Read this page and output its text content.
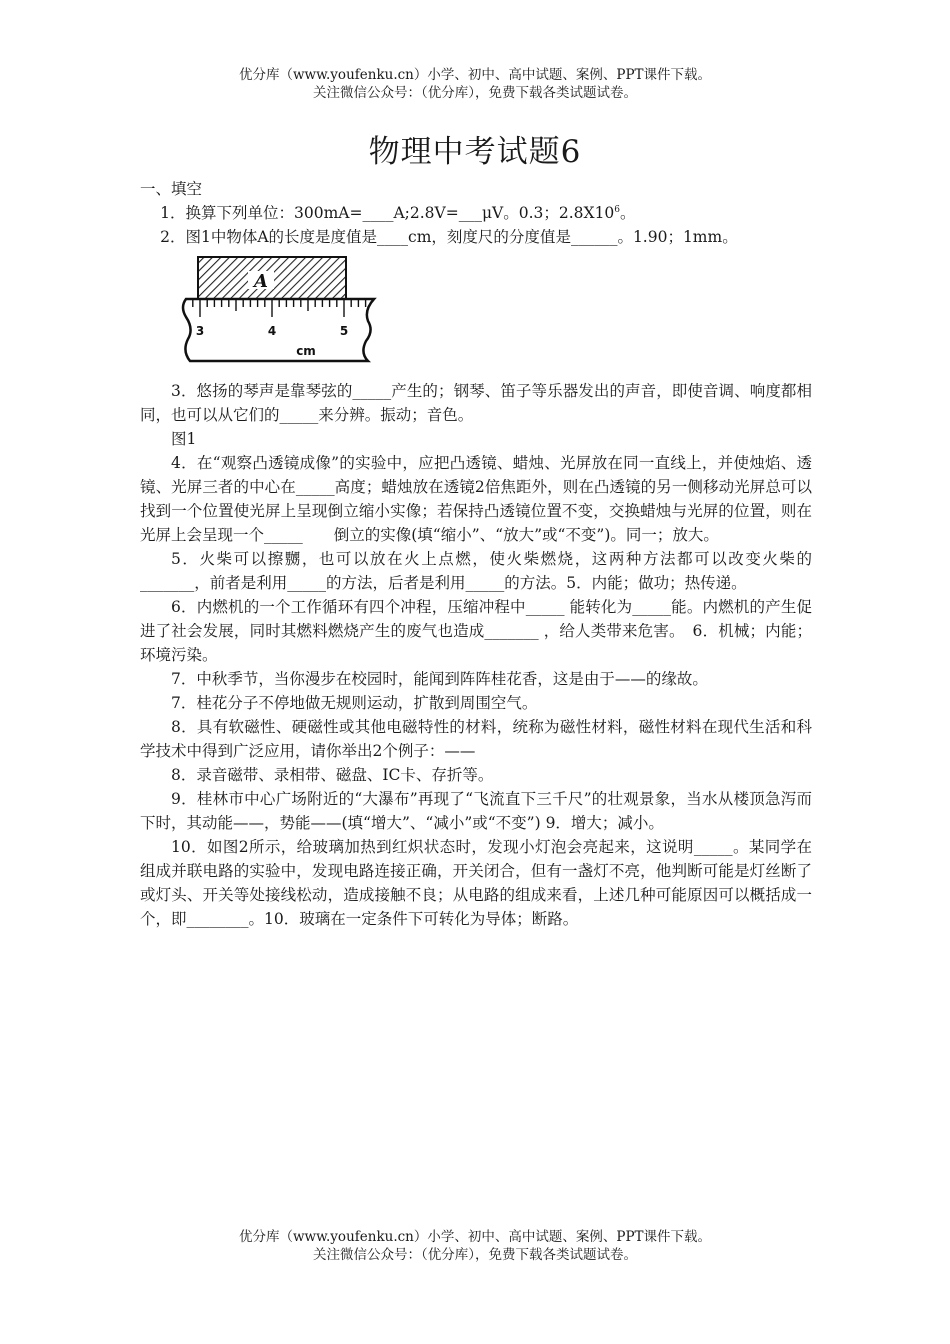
优分库（www.youfenku.cn）小学、初中、高中试题、案例、PPT课件下载。
关注微信公众号：（优分库），免费下载各类试题试卷。
物理中考试题6

一、填空

1．换算下列单位：300mA=____A;2.8V=___μV。0.3；$2.8X10^6$。

2．图1中物体A的长度是度值是____cm，刻度尺的分度值是______。1.90；1mm。

A
3	4	5
cm

3．悠扬的琴声是靠琴弦的_____产生的；钢琴、笛子等乐器发出的声音，即使音调、响度都相同，也可以从它们的_____来分辨。振动；音色。

图1

4．在“观察凸透镜成像”的实验中，应把凸透镜、蜡烛、光屏放在同一直线上，并使烛焰、透镜、光屏三者的中心在_____高度；蜡烛放在透镜2倍焦距外，则在凸透镜的另一侧移动光屏总可以找到一个位置使光屏上呈现倒立缩小实像；若保持凸透镜位置不变，交换蜡烛与光屏的位置，则在光屏上会呈现一个_____　　倒立的实像(填“缩小”、“放大”或“不变”)。同一；放大。

5．火柴可以擦嬲，也可以放在火上点燃，使火柴燃烧，这两种方法都可以改变火柴的_______，前者是利用_____的方法，后者是利用_____的方法。5．内能；做功；热传递。

6．内燃机的一个工作循环有四个冲程，压缩冲程中_____ 能转化为_____能。内燃机的产生促进了社会发展，同时其燃料燃烧产生的废气也造成_______ ，给人类带来危害。　6．机械；内能；环境污染。

7．中秋季节，当你漫步在校园时，能闻到阵阵桂花香，这是由于——的缘故。

7．桂花分子不停地做无规则运动，扩散到周围空气。

8．具有软磁性、硬磁性或其他电磁特性的材料，统称为磁性材料，磁性材料在现代生活和科学技术中得到广泛应用，请你举出2个例子：——

8．录音磁带、录相带、磁盘、IC卡、存折等。

9．桂林市中心广场附近的“大瀑布”再现了“飞流直下三千尺”的壮观景象，当水从楼顶急泻而下时，其动能——，势能——(填“增大”、“减小”或“不变”) 9．增大；减小。

10．如图2所示，给玻璃加热到红炽状态时，发现小灯泡会亮起来，这说明_____。某同学在组成并联电路的实验中，发现电路连接正确，开关闭合，但有一盏灯不亮，他判断可能是灯丝断了或灯头、开关等处接线松动，造成接触不良；从电路的组成来看，上述几种可能原因可以概括成一个，即________。10．玻璃在一定条件下可转化为导体；断路。

优分库（www.youfenku.cn）小学、初中、高中试题、案例、PPT课件下载。
关注微信公众号：（优分库），免费下载各类试题试卷。
